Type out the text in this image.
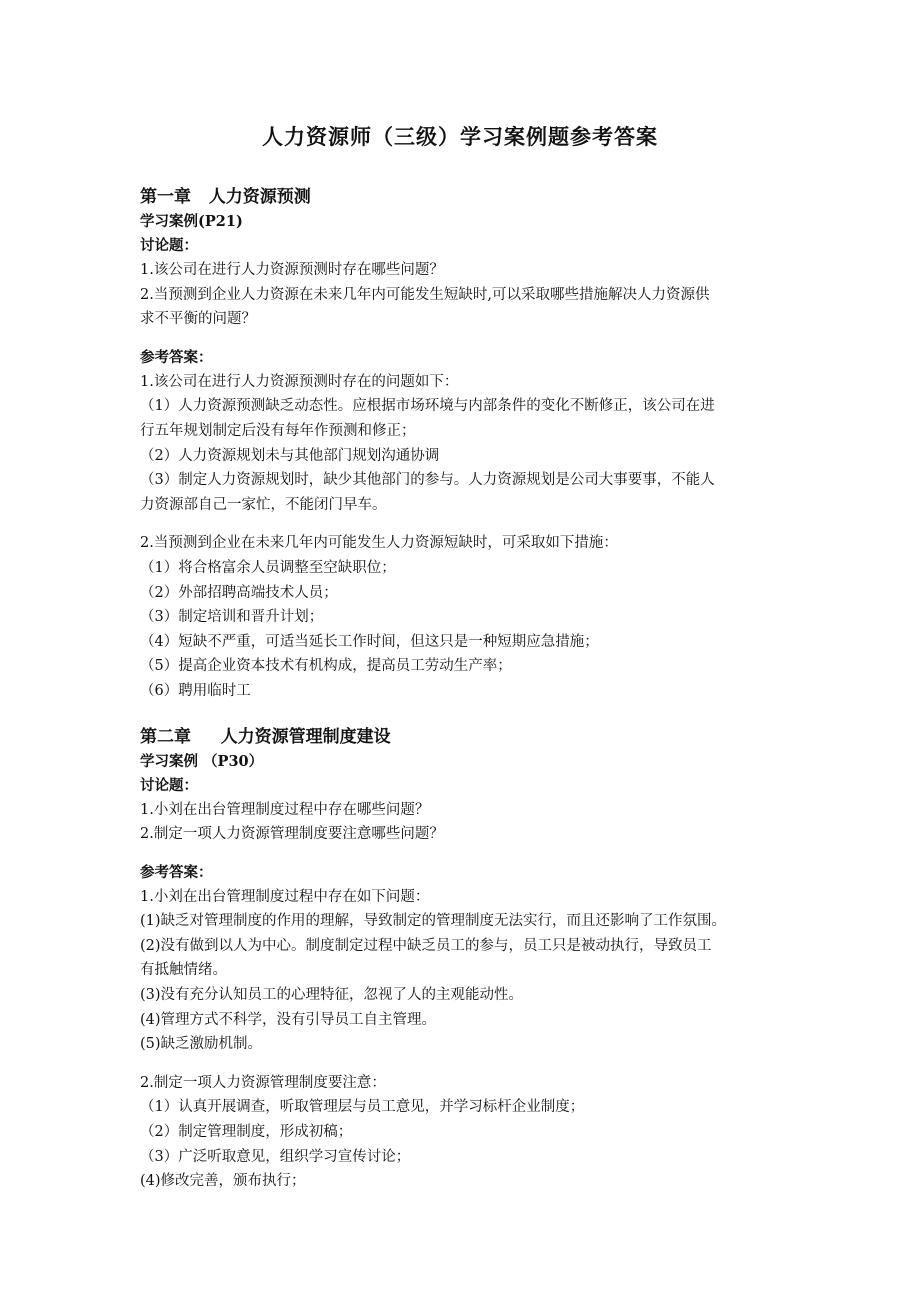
人力资源师（三级）学习案例题参考答案
第一章   人力资源预测
学习案例(P21)
讨论题：
1.该公司在进行人力资源预测时存在哪些问题？
2.当预测到企业人力资源在未来几年内可能发生短缺时,可以采取哪些措施解决人力资源供
求不平衡的问题？
参考答案：
1.该公司在进行人力资源预测时存在的问题如下：
（1）人力资源预测缺乏动态性。应根据市场环境与内部条件的变化不断修正，该公司在进
行五年规划制定后没有每年作预测和修正；
（2）人力资源规划未与其他部门规划沟通协调
（3）制定人力资源规划时，缺少其他部门的参与。人力资源规划是公司大事要事，不能人
力资源部自己一家忙，不能闭门早车。
2.当预测到企业在未来几年内可能发生人力资源短缺时，可采取如下措施：
（1）将合格富余人员调整至空缺职位；
（2）外部招聘高端技术人员；
（3）制定培训和晋升计划；
（4）短缺不严重，可适当延长工作时间，但这只是一种短期应急措施；
（5）提高企业资本技术有机构成，提高员工劳动生产率；
（6）聘用临时工
第二章     人力资源管理制度建设
学习案例 （P30）
讨论题：
1.小刘在出台管理制度过程中存在哪些问题？
2.制定一项人力资源管理制度要注意哪些问题？
参考答案：
1.小刘在出台管理制度过程中存在如下问题：
(1)缺乏对管理制度的作用的理解，导致制定的管理制度无法实行，而且还影响了工作氛围。
(2)没有做到以人为中心。制度制定过程中缺乏员工的参与，员工只是被动执行，导致员工
有抵触情绪。
(3)没有充分认知员工的心理特征，忽视了人的主观能动性。
(4)管理方式不科学，没有引导员工自主管理。
(5)缺乏激励机制。
2.制定一项人力资源管理制度要注意：
（1）认真开展调查，听取管理层与员工意见，并学习标杆企业制度；
（2）制定管理制度，形成初稿；
（3）广泛听取意见，组织学习宣传讨论；
(4)修改完善，颁布执行；
